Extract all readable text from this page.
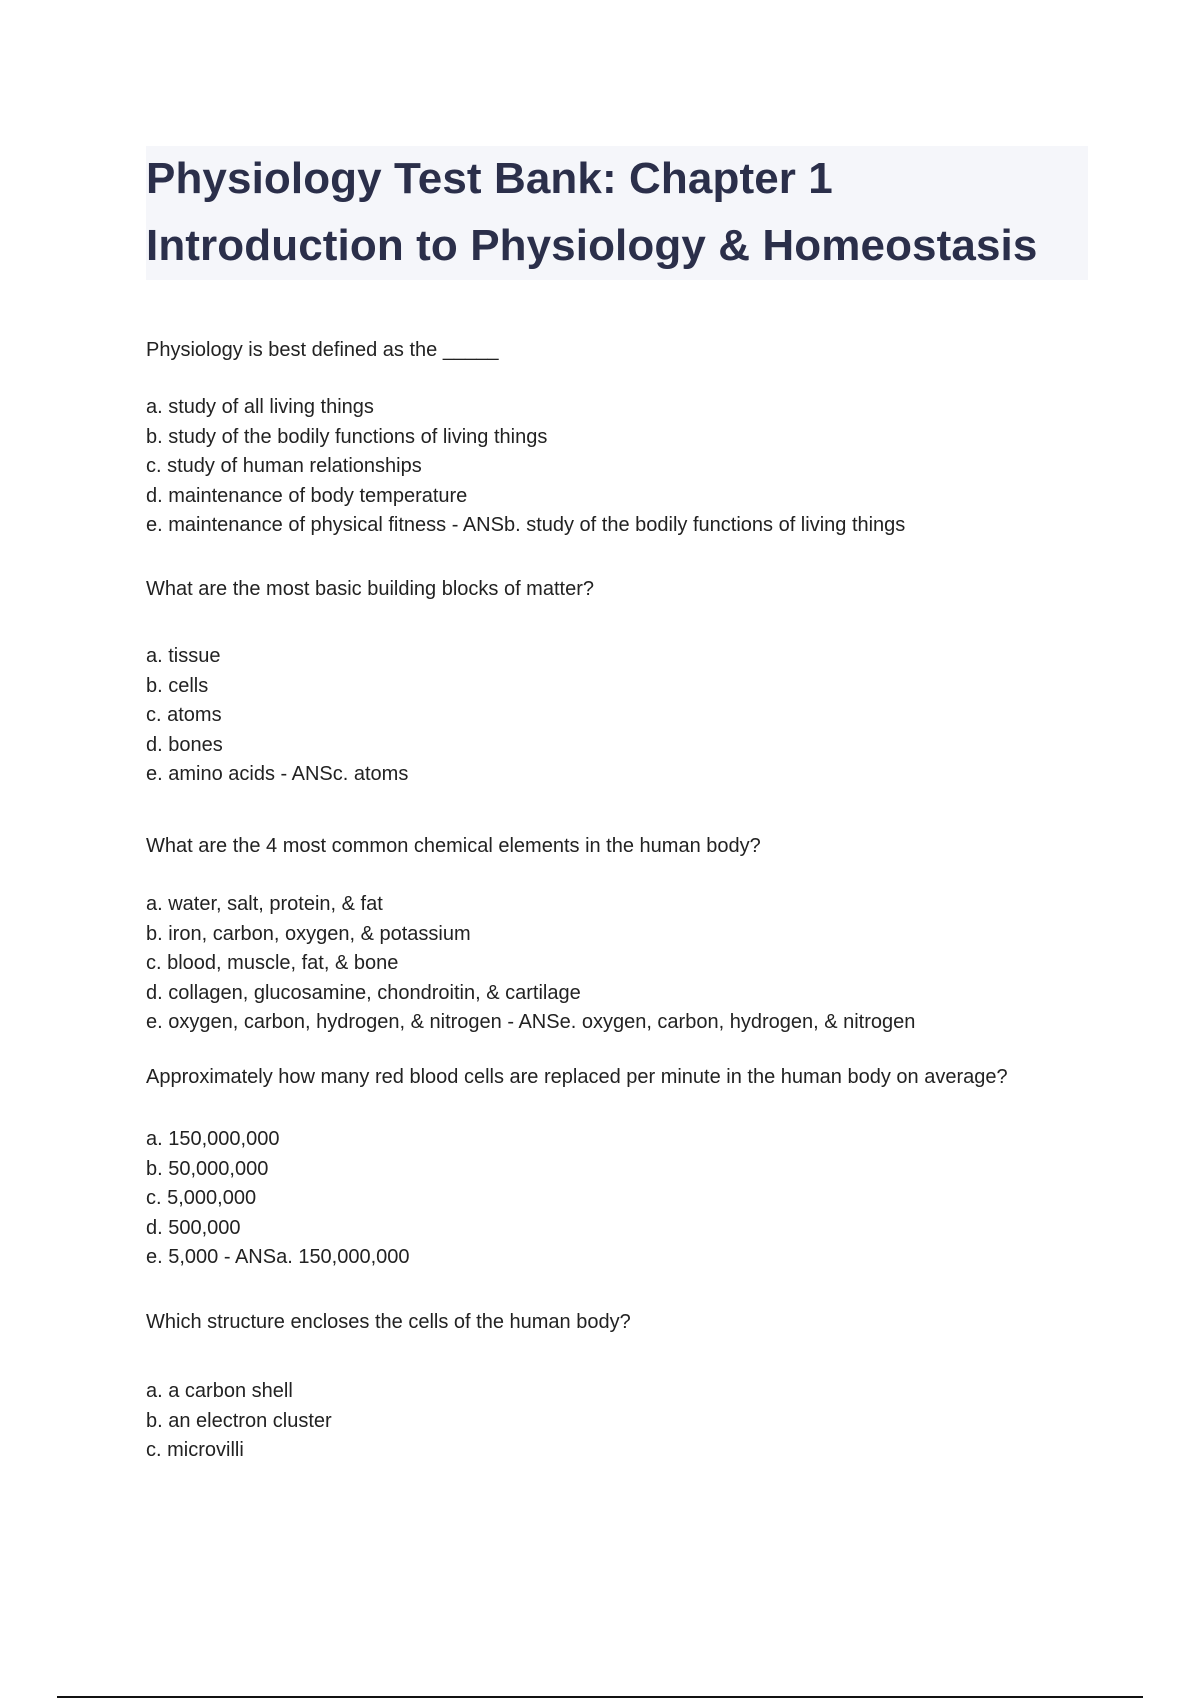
Physiology Test Bank: Chapter 1
Introduction to Physiology & Homeostasis

Physiology is best defined as the _____

a. study of all living things
b. study of the bodily functions of living things
c. study of human relationships
d. maintenance of body temperature
e. maintenance of physical fitness - ANSb. study of the bodily functions of living things

What are the most basic building blocks of matter?

a. tissue
b. cells
c. atoms
d. bones
e. amino acids - ANSc. atoms

What are the 4 most common chemical elements in the human body?

a. water, salt, protein, & fat
b. iron, carbon, oxygen, & potassium
c. blood, muscle, fat, & bone
d. collagen, glucosamine, chondroitin, & cartilage
e. oxygen, carbon, hydrogen, & nitrogen - ANSe. oxygen, carbon, hydrogen, & nitrogen

Approximately how many red blood cells are replaced per minute in the human body on average?

a. 150,000,000
b. 50,000,000
c. 5,000,000
d. 500,000
e. 5,000 - ANSa. 150,000,000

Which structure encloses the cells of the human body?

a. a carbon shell
b. an electron cluster
c. microvilli
